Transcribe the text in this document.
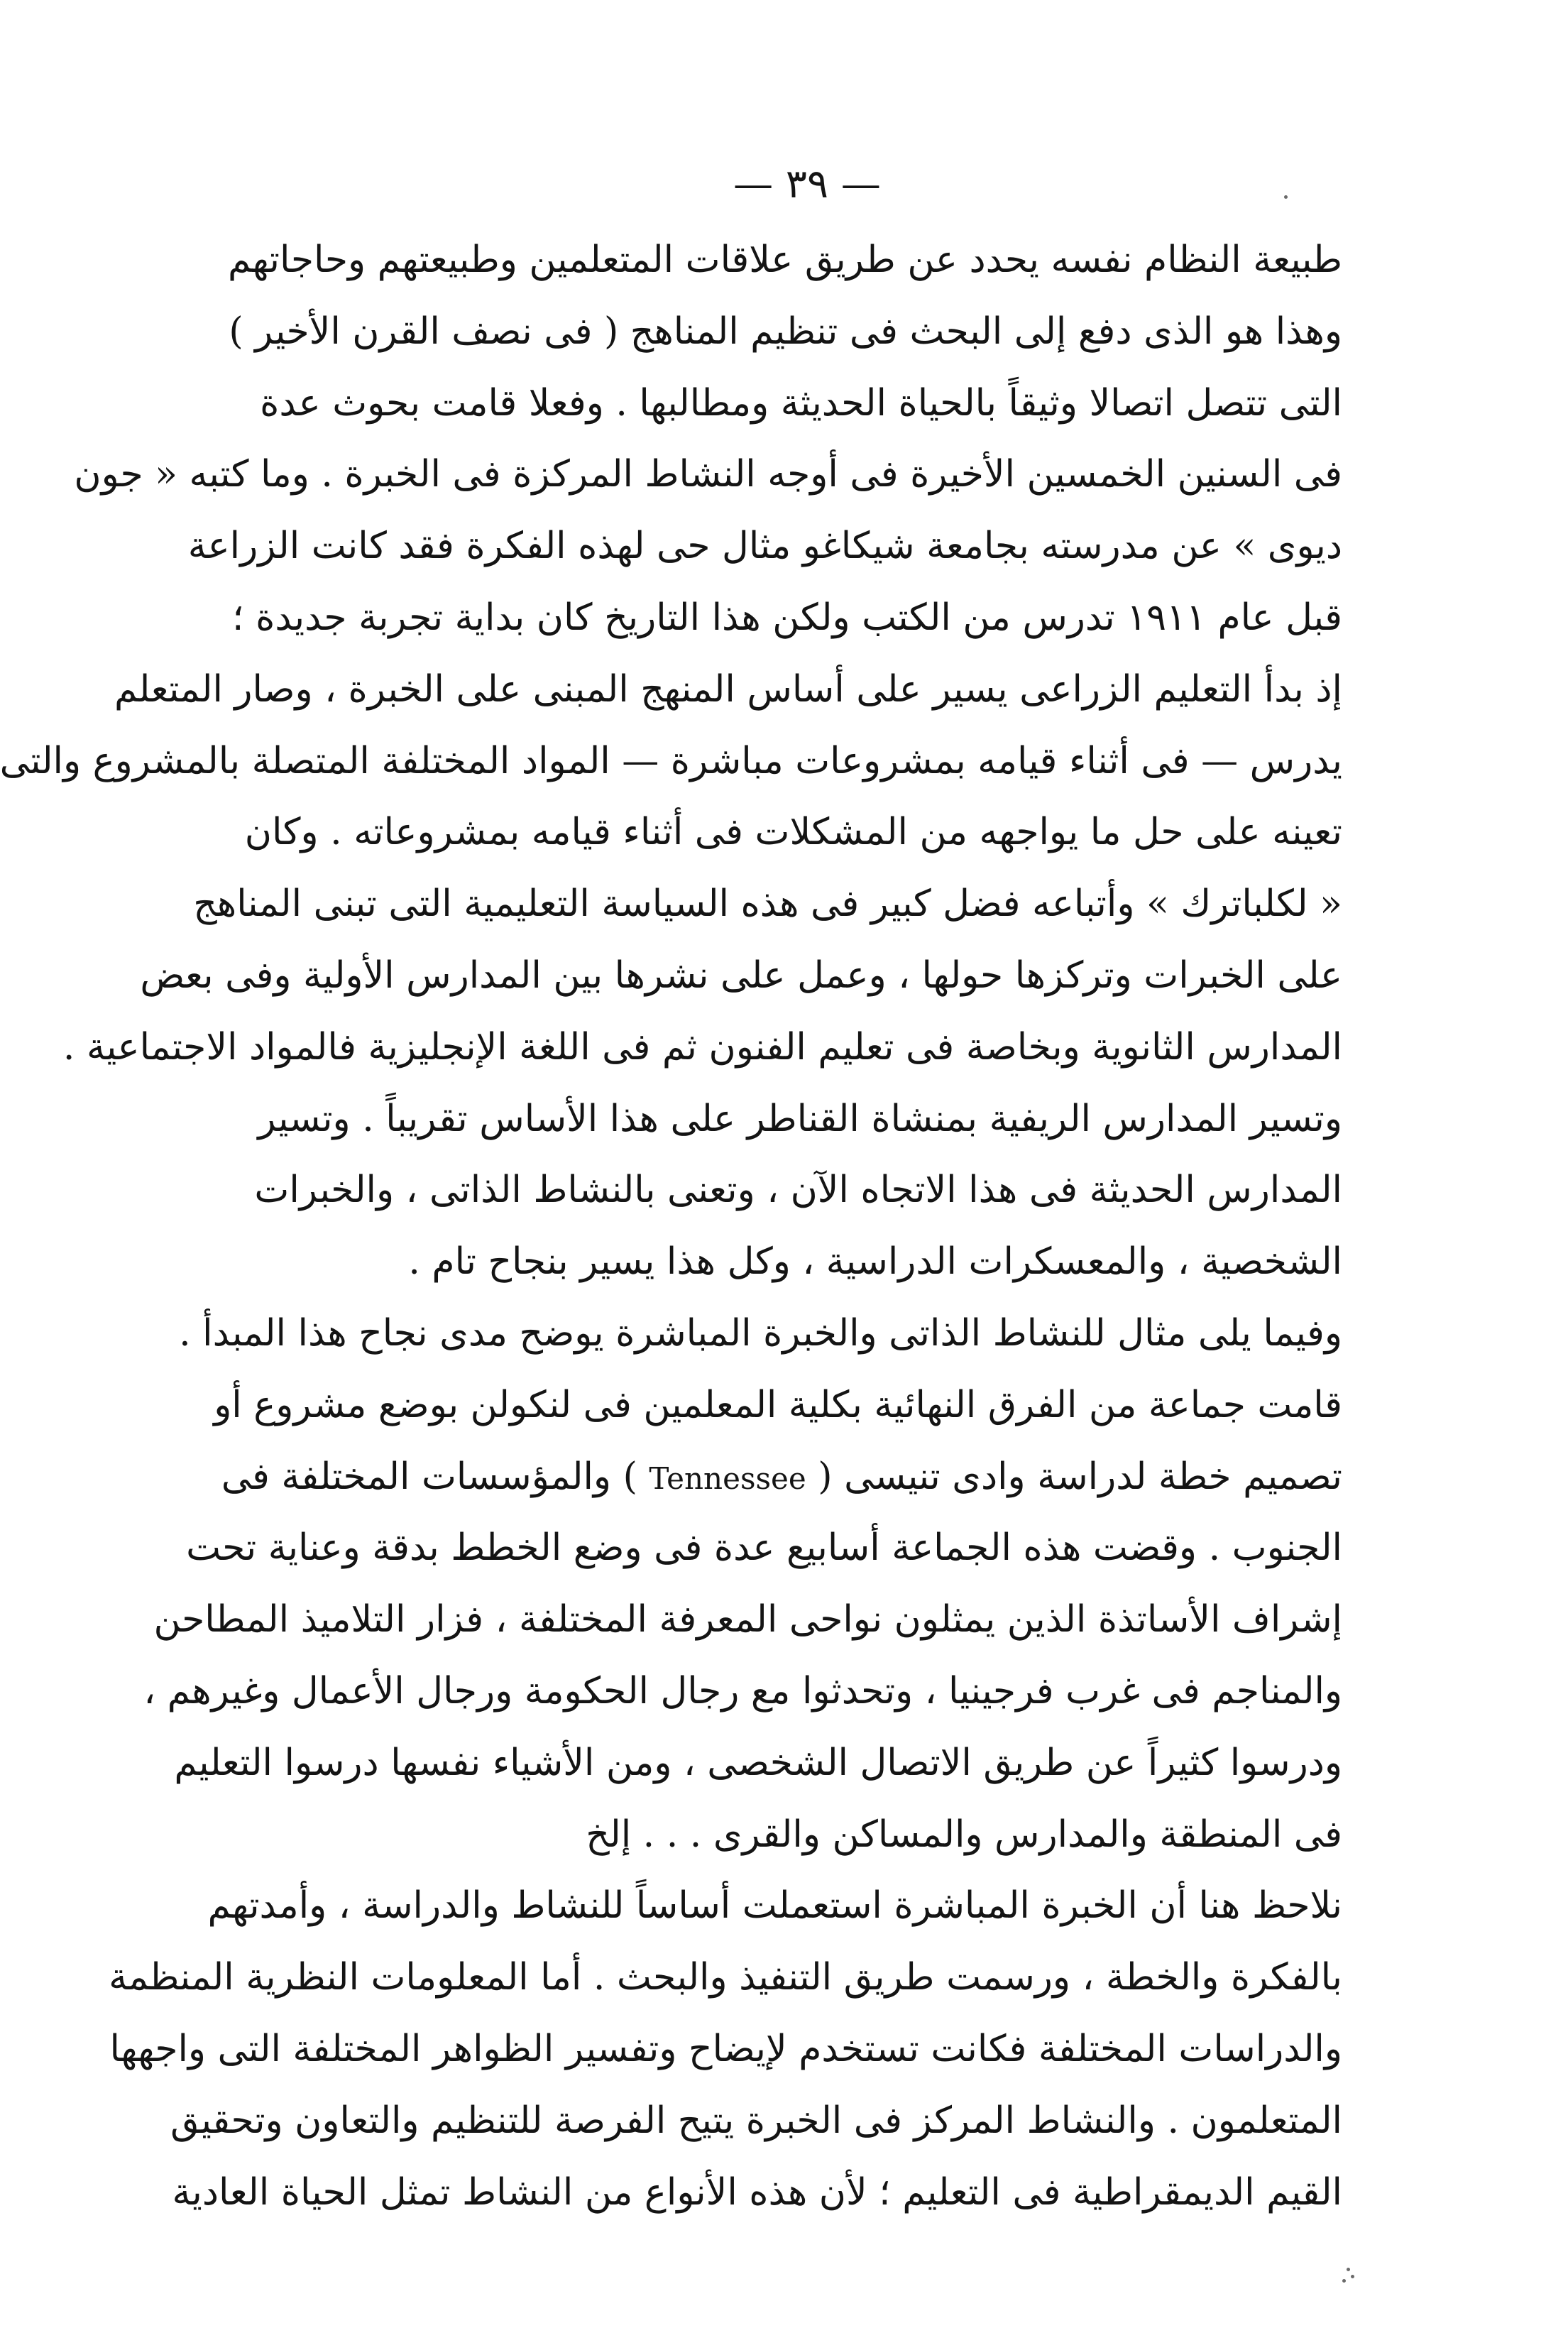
— ٣٩ —
طبيعة النظام نفسه يحدد عن طريق علاقات المتعلمين وطبيعتهم وحاجاتهم
وهذا هو الذى دفع إلى البحث فى تنظيم المناهج ( فى نصف القرن الأخير )
التى تتصل اتصالا وثيقاً بالحياة الحديثة ومطالبها . وفعلا قامت بحوث عدة
فى السنين الخمسين الأخيرة فى أوجه النشاط المركزة فى الخبرة . وما كتبه « جون
ديوى » عن مدرسته بجامعة شيكاغو مثال حى لهذه الفكرة فقد كانت الزراعة
قبل عام ١٩١١ تدرس من الكتب ولكن هذا التاريخ كان بداية تجربة جديدة ؛
إذ بدأ التعليم الزراعى يسير على أساس المنهج المبنى على الخبرة ، وصار المتعلم
يدرس — فى أثناء قيامه بمشروعات مباشرة — المواد المختلفة المتصلة بالمشروع والتى
تعينه على حل ما يواجهه من المشكلات فى أثناء قيامه بمشروعاته . وكان
« لكلباترك » وأتباعه فضل كبير فى هذه السياسة التعليمية التى تبنى المناهج
على الخبرات وتركزها حولها ، وعمل على نشرها بين المدارس الأولية وفى بعض
المدارس الثانوية وبخاصة فى تعليم الفنون ثم فى اللغة الإنجليزية فالمواد الاجتماعية .
وتسير المدارس الريفية بمنشاة القناطر على هذا الأساس تقريباً . وتسير
المدارس الحديثة فى هذا الاتجاه الآن ، وتعنى بالنشاط الذاتى ، والخبرات
الشخصية ، والمعسكرات الدراسية ، وكل هذا يسير بنجاح تام .
وفيما يلى مثال للنشاط الذاتى والخبرة المباشرة يوضح مدى نجاح هذا المبدأ .
قامت جماعة من الفرق النهائية بكلية المعلمين فى لنكولن بوضع مشروع أو
تصميم خطة لدراسة وادى تنيسى ( Tennessee ) والمؤسسات المختلفة فى
الجنوب . وقضت هذه الجماعة أسابيع عدة فى وضع الخطط بدقة وعناية تحت
إشراف الأساتذة الذين يمثلون نواحى المعرفة المختلفة ، فزار التلاميذ المطاحن
والمناجم فى غرب فرجينيا ، وتحدثوا مع رجال الحكومة ورجال الأعمال وغيرهم ،
ودرسوا كثيراً عن طريق الاتصال الشخصى ، ومن الأشياء نفسها درسوا التعليم
فى المنطقة والمدارس والمساكن والقرى . . . إلخ
نلاحظ هنا أن الخبرة المباشرة استعملت أساساً للنشاط والدراسة ، وأمدتهم
بالفكرة والخطة ، ورسمت طريق التنفيذ والبحث . أما المعلومات النظرية المنظمة
والدراسات المختلفة فكانت تستخدم لإيضاح وتفسير الظواهر المختلفة التى واجهها
المتعلمون . والنشاط المركز فى الخبرة يتيح الفرصة للتنظيم والتعاون وتحقيق
القيم الديمقراطية فى التعليم ؛ لأن هذه الأنواع من النشاط تمثل الحياة العادية
